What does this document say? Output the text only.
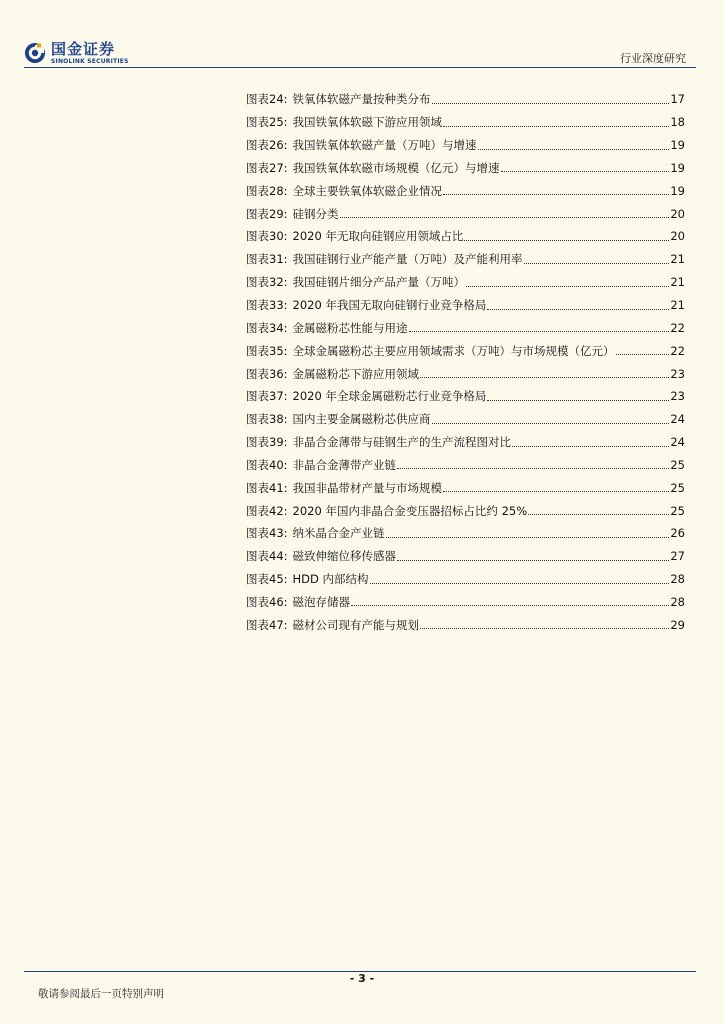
国金证券
SINOLINK SECURITIES	行业深度研究
图表24: 铁氧体软磁产量按种类分布	17
图表25: 我国铁氧体软磁下游应用领域	18
图表26: 我国铁氧体软磁产量（万吨）与增速	19
图表27: 我国铁氧体软磁市场规模（亿元）与增速	19
图表28: 全球主要铁氧体软磁企业情况	19
图表29: 硅钢分类	20
图表30: 2020 年无取向硅钢应用领域占比	20
图表31: 我国硅钢行业产能产量（万吨）及产能利用率	21
图表32: 我国硅钢片细分产品产量（万吨）	21
图表33: 2020 年我国无取向硅钢行业竞争格局	21
图表34: 金属磁粉芯性能与用途	22
图表35: 全球金属磁粉芯主要应用领域需求（万吨）与市场规模（亿元）	22
图表36: 金属磁粉芯下游应用领域	23
图表37: 2020 年全球金属磁粉芯行业竞争格局	23
图表38: 国内主要金属磁粉芯供应商	24
图表39: 非晶合金薄带与硅钢生产的生产流程图对比	24
图表40: 非晶合金薄带产业链	25
图表41: 我国非晶带材产量与市场规模	25
图表42: 2020 年国内非晶合金变压器招标占比约 25%	25
图表43: 纳米晶合金产业链	26
图表44: 磁致伸缩位移传感器	27
图表45: HDD 内部结构	28
图表46: 磁泡存储器	28
图表47: 磁材公司现有产能与规划	29
- 3 -
敬请参阅最后一页特别声明
